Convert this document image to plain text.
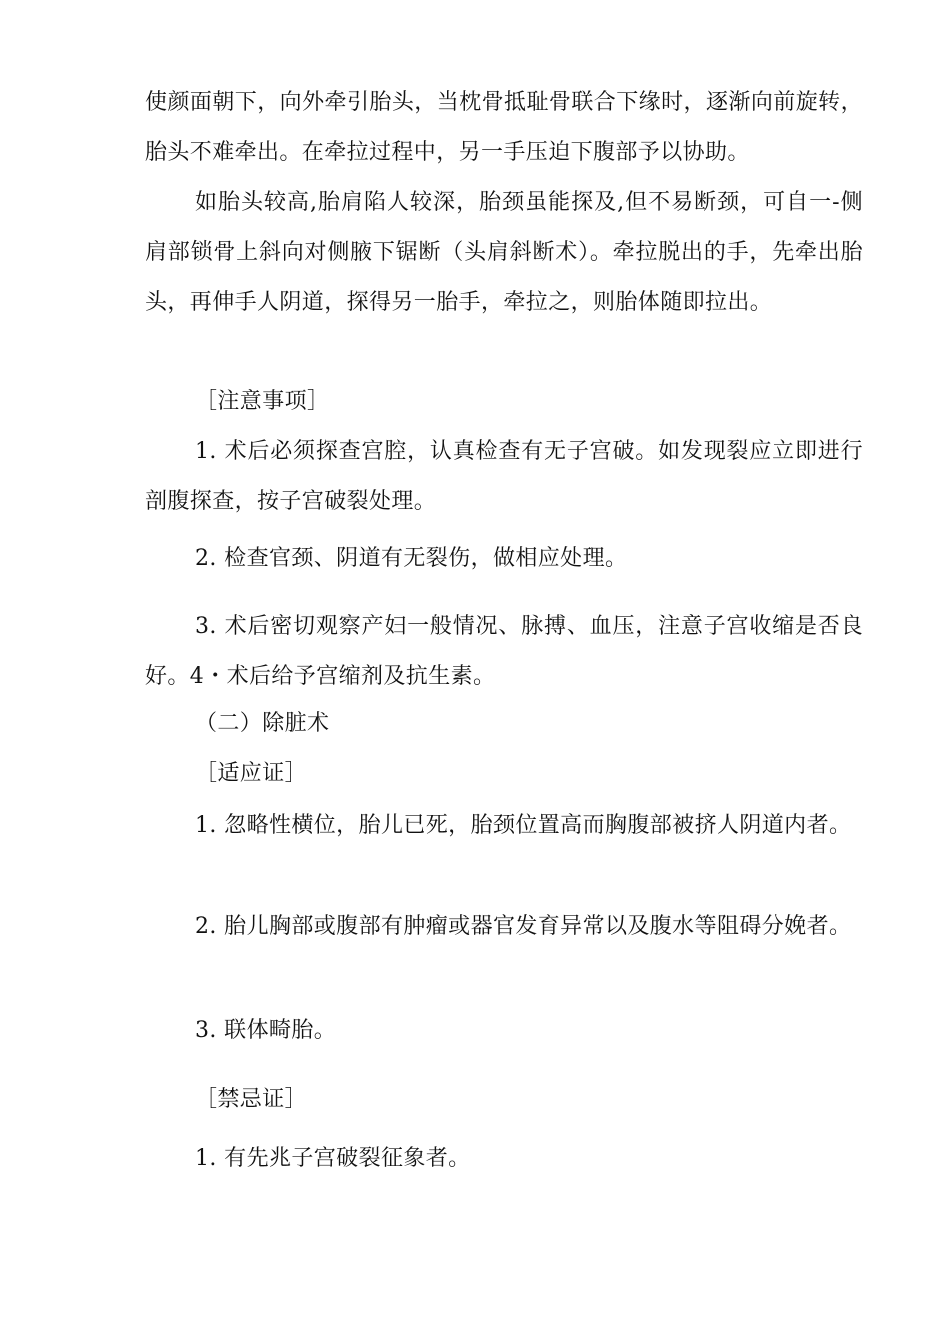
使颜面朝下，向外牵引胎头，当枕骨抵耻骨联合下缘时，逐渐向前旋转，胎头不难牵出。在牵拉过程中，另一手压迫下腹部予以协助。

如胎头较高,胎肩陷人较深，胎颈虽能探及,但不易断颈，可自一-侧肩部锁骨上斜向对侧腋下锯断（头肩斜断术）。牵拉脱出的手，先牵出胎头，再伸手人阴道，探得另一胎手，牵拉之，则胎体随即拉出。

［注意事项］

1. 术后必须探查宫腔，认真检查有无子宫破。如发现裂应立即进行剖腹探查，按子宫破裂处理。

2. 检查官颈、阴道有无裂伤，做相应处理。

3. 术后密切观察产妇一般情况、脉搏、血压，注意子宫收缩是否良好。4・术后给予宫缩剂及抗生素。

（二）除脏术

［适应证］

1. 忽略性横位，胎儿已死，胎颈位置高而胸腹部被挤人阴道内者。

2. 胎儿胸部或腹部有肿瘤或器官发育异常以及腹水等阻碍分娩者。

3. 联体畸胎。

［禁忌证］

1. 有先兆子宫破裂征象者。
